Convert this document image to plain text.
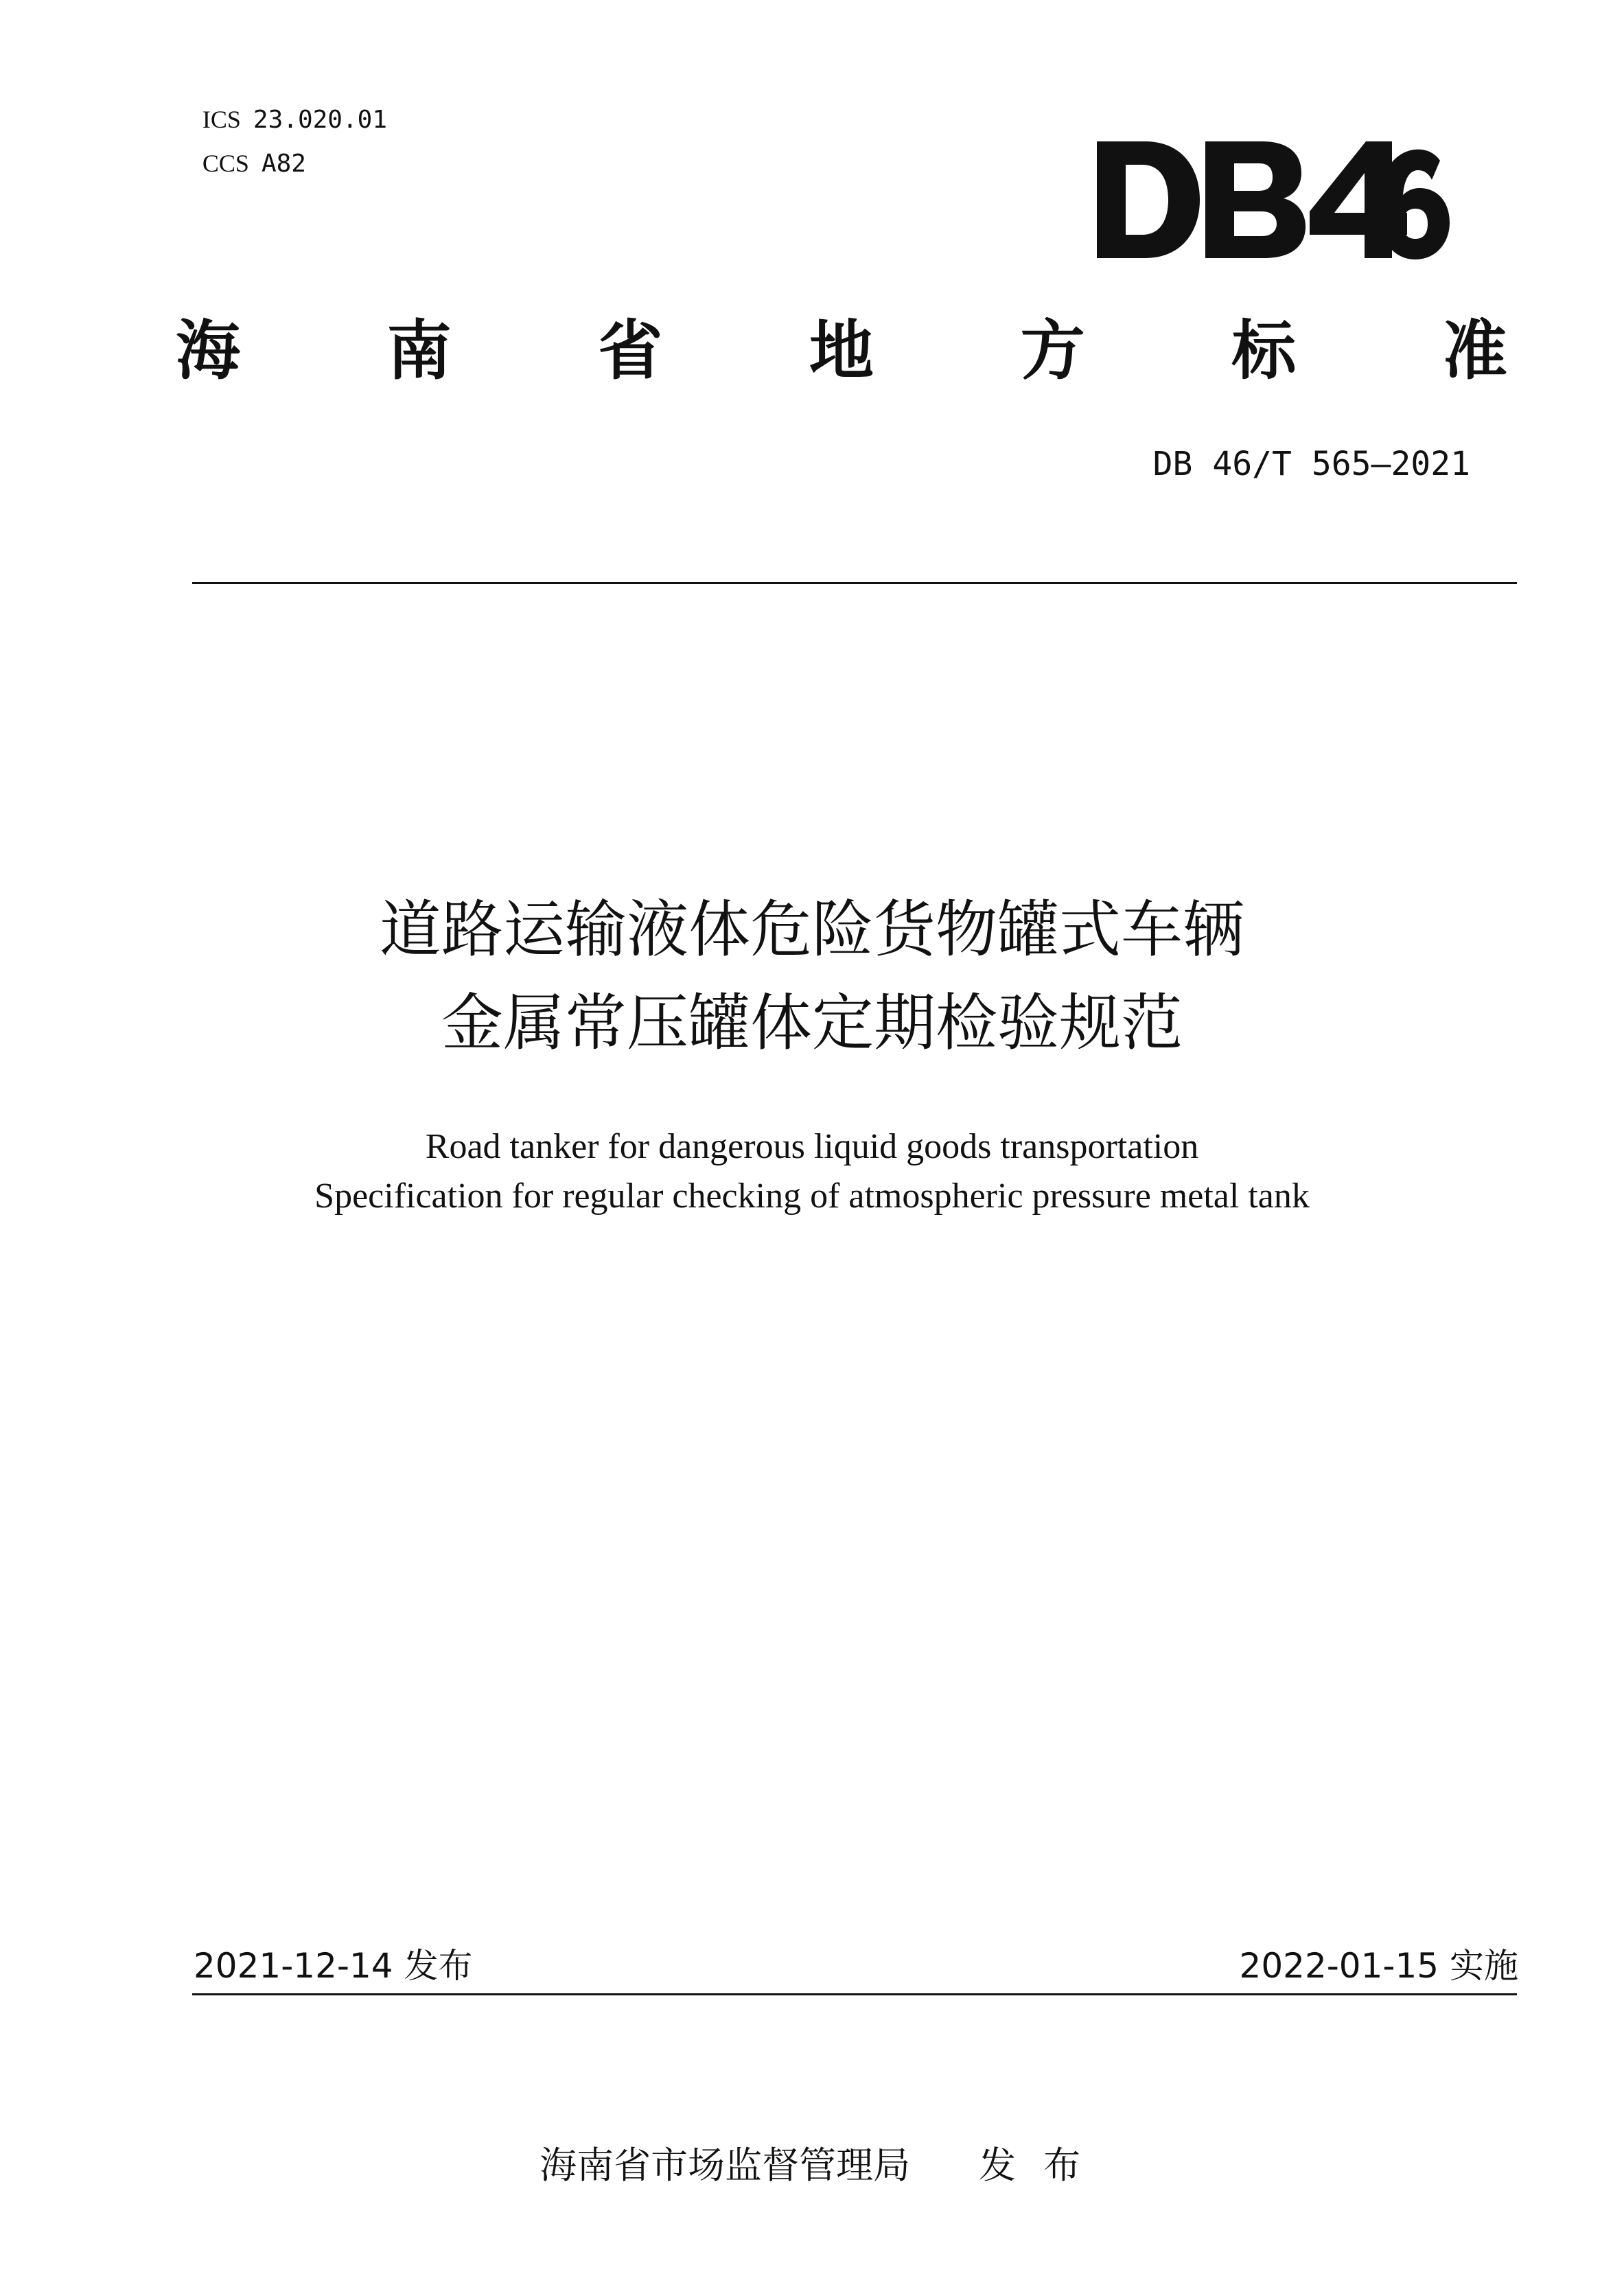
ICS 23.020.01

CCS A82

海 南 省 地 方 标 准
DB 46/T 565—2021
道路运输液体危险货物罐式车辆
金属常压罐体定期检验规范
Road tanker for dangerous liquid goods transportation
Specification for regular checking of atmospheric pressure metal tank
2021-12-14 发布	2022-01-15 实施

海南省市场监督管理局 发布
